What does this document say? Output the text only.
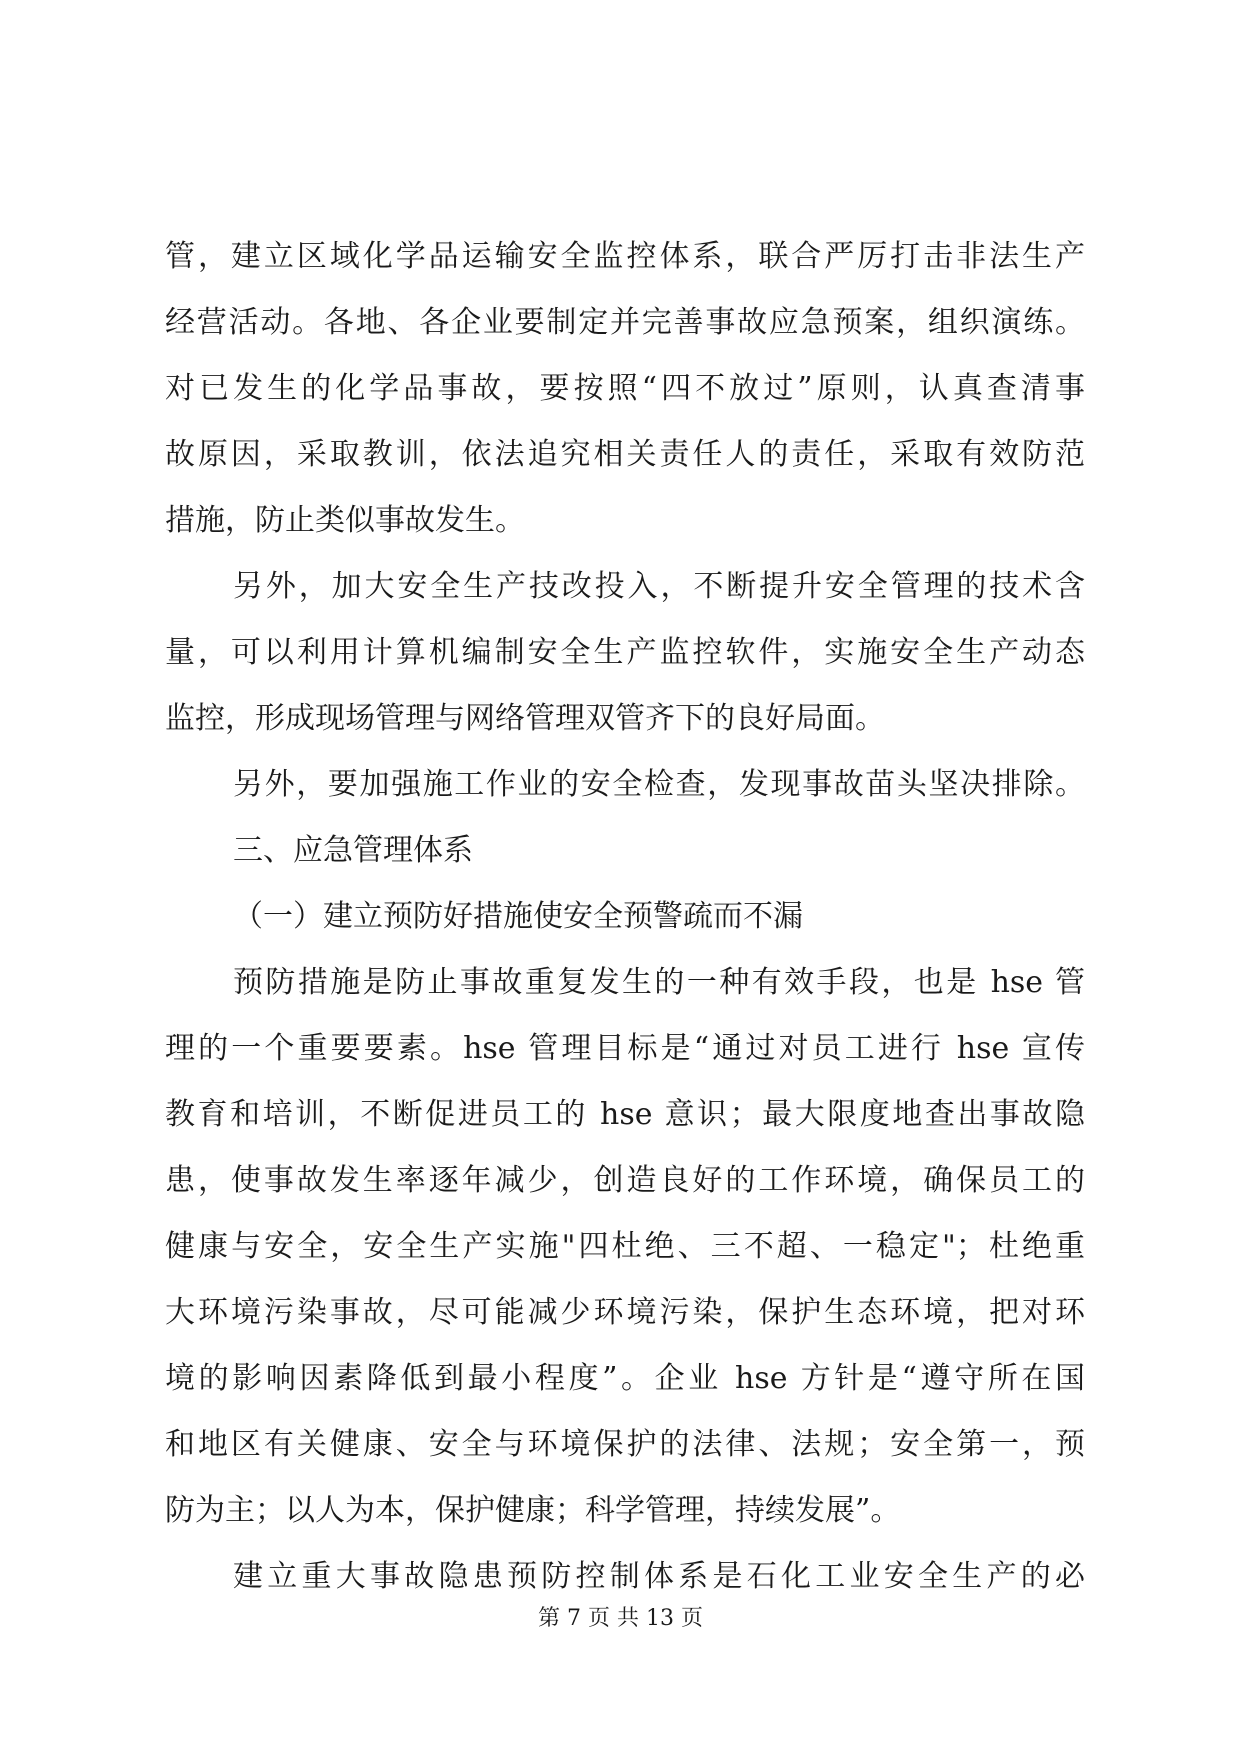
管，建立区域化学品运输安全监控体系，联合严厉打击非法生产
经营活动。各地、各企业要制定并完善事故应急预案，组织演练。
对已发生的化学品事故，要按照“四不放过”原则，认真查清事
故原因，采取教训，依法追究相关责任人的责任，采取有效防范
措施，防止类似事故发生。
另外，加大安全生产技改投入，不断提升安全管理的技术含
量，可以利用计算机编制安全生产监控软件，实施安全生产动态
监控，形成现场管理与网络管理双管齐下的良好局面。
另外，要加强施工作业的安全检查，发现事故苗头坚决排除。
三、应急管理体系
（一）建立预防好措施使安全预警疏而不漏
预防措施是防止事故重复发生的一种有效手段，也是 hse 管
理的一个重要要素。hse 管理目标是“通过对员工进行 hse 宣传
教育和培训，不断促进员工的 hse 意识；最大限度地查出事故隐
患，使事故发生率逐年减少，创造良好的工作环境，确保员工的
健康与安全，安全生产实施"四杜绝、三不超、一稳定"；杜绝重
大环境污染事故，尽可能减少环境污染，保护生态环境，把对环
境的影响因素降低到最小程度”。企业 hse 方针是“遵守所在国
和地区有关健康、安全与环境保护的法律、法规；安全第一，预
防为主；以人为本，保护健康；科学管理，持续发展”。
建立重大事故隐患预防控制体系是石化工业安全生产的必
第 7 页 共 13 页
